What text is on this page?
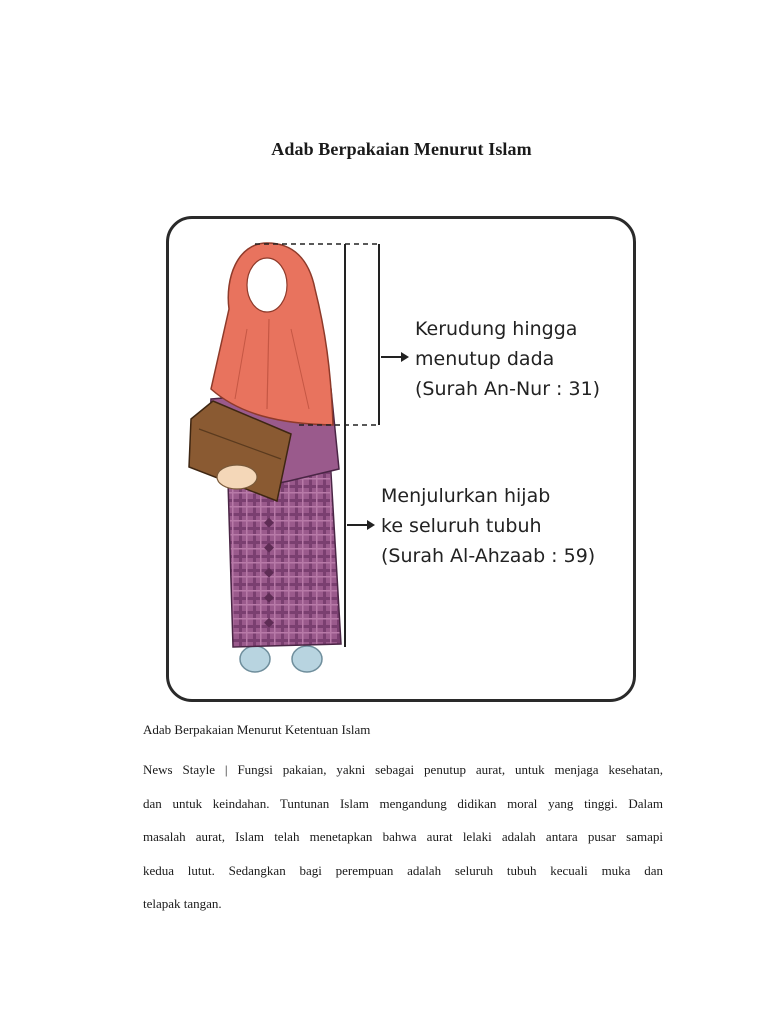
Adab Berpakaian Menurut Islam
Kerudung hingga
menutup dada
(Surah An-Nur : 31)
Menjulurkan hijab
ke seluruh tubuh
(Surah Al-Ahzaab : 59)
Adab Berpakaian Menurut Ketentuan Islam
News Stayle | Fungsi pakaian, yakni sebagai penutup aurat, untuk menjaga kesehatan,
dan untuk keindahan. Tuntunan Islam mengandung didikan moral yang tinggi. Dalam
masalah aurat, Islam telah menetapkan bahwa aurat lelaki adalah antara pusar samapi
kedua lutut. Sedangkan bagi perempuan adalah seluruh tubuh kecuali muka dan
telapak tangan.
